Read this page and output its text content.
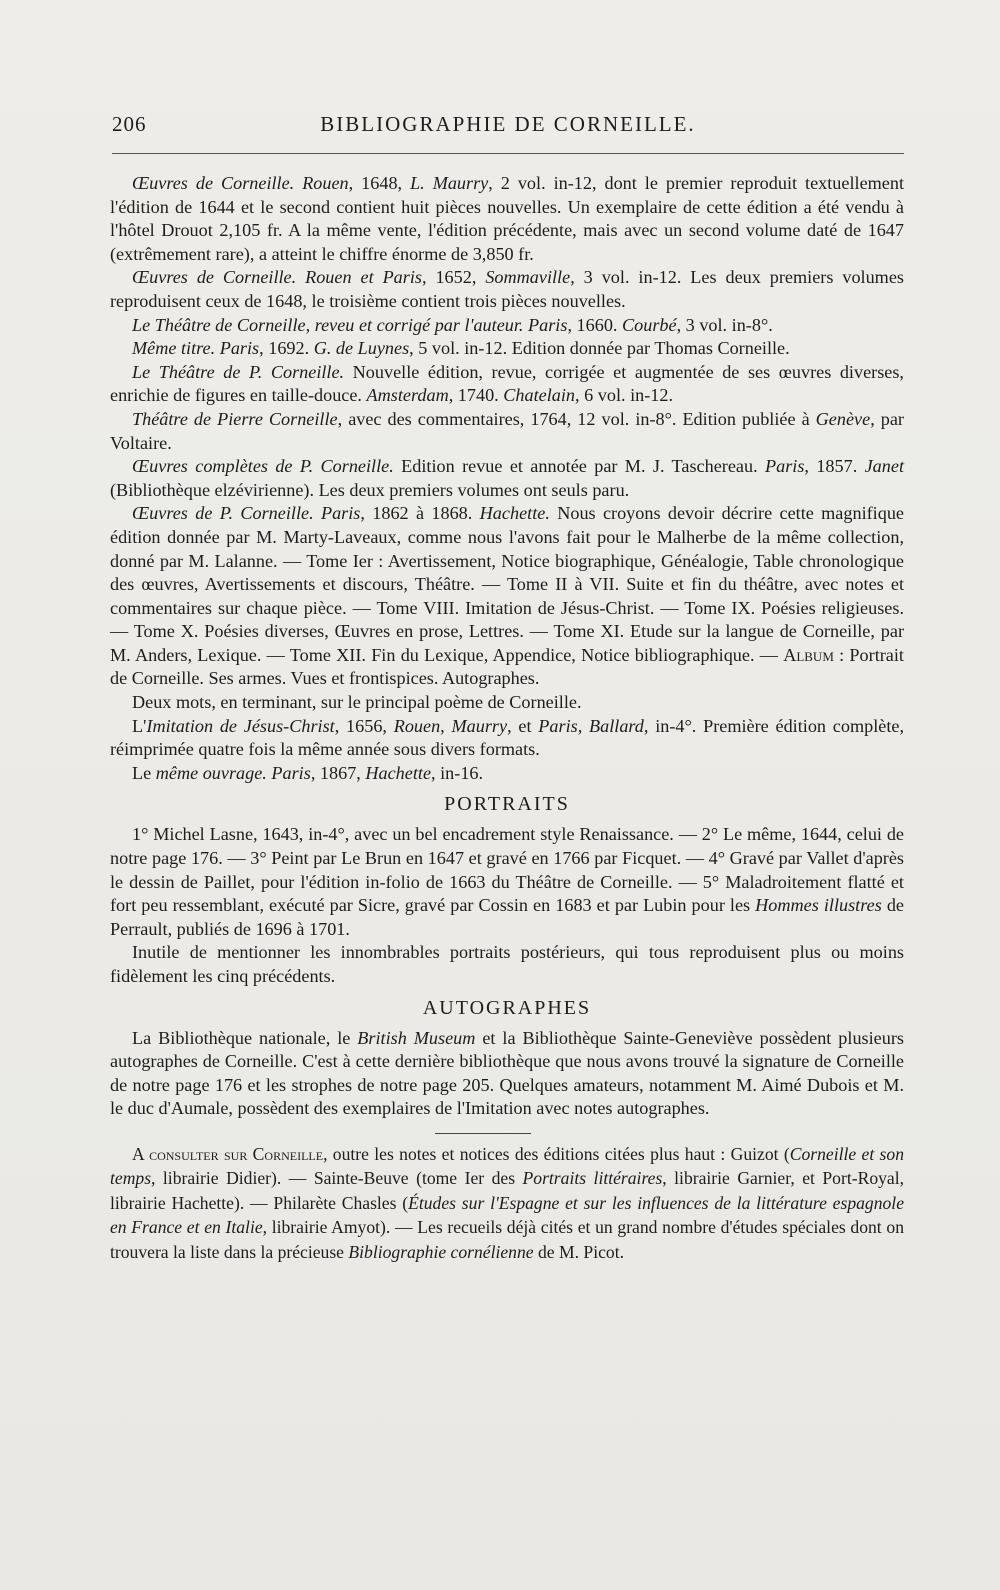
206	BIBLIOGRAPHIE DE CORNEILLE.

Œuvres de Corneille. Rouen, 1648, L. Maurry, 2 vol. in-12, dont le premier reproduit textuellement l'édition de 1644 et le second contient huit pièces nouvelles. Un exemplaire de cette édition a été vendu à l'hôtel Drouot 2,105 fr. A la même vente, l'édition précédente, mais avec un second volume daté de 1647 (extrêmement rare), a atteint le chiffre énorme de 3,850 fr.

Œuvres de Corneille. Rouen et Paris, 1652, Sommaville, 3 vol. in-12. Les deux premiers volumes reproduisent ceux de 1648, le troisième contient trois pièces nouvelles.

Le Théâtre de Corneille, reveu et corrigé par l'auteur. Paris, 1660. Courbé, 3 vol. in-8°.

Même titre. Paris, 1692. G. de Luynes, 5 vol. in-12. Edition donnée par Thomas Corneille.

Le Théâtre de P. Corneille. Nouvelle édition, revue, corrigée et augmentée de ses œuvres diverses, enrichie de figures en taille-douce. Amsterdam, 1740. Chatelain, 6 vol. in-12.

Théâtre de Pierre Corneille, avec des commentaires, 1764, 12 vol. in-8°. Edition publiée à Genève, par Voltaire.

Œuvres complètes de P. Corneille. Edition revue et annotée par M. J. Taschereau. Paris, 1857. Janet (Bibliothèque elzévirienne). Les deux premiers volumes ont seuls paru.

Œuvres de P. Corneille. Paris, 1862 à 1868. Hachette. Nous croyons devoir décrire cette magnifique édition donnée par M. Marty-Laveaux, comme nous l'avons fait pour le Malherbe de la même collection, donné par M. Lalanne. — Tome Ier : Avertissement, Notice biographique, Généalogie, Table chronologique des œuvres, Avertissements et discours, Théâtre. — Tome II à VII. Suite et fin du théâtre, avec notes et commentaires sur chaque pièce. — Tome VIII. Imitation de Jésus-Christ. — Tome IX. Poésies religieuses. — Tome X. Poésies diverses, Œuvres en prose, Lettres. — Tome XI. Etude sur la langue de Corneille, par M. Anders, Lexique. — Tome XII. Fin du Lexique, Appendice, Notice bibliographique. — Album : Portrait de Corneille. Ses armes. Vues et frontispices. Autographes.

Deux mots, en terminant, sur le principal poème de Corneille.

L'Imitation de Jésus-Christ, 1656, Rouen, Maurry, et Paris, Ballard, in-4°. Première édition complète, réimprimée quatre fois la même année sous divers formats.

Le même ouvrage. Paris, 1867, Hachette, in-16.

PORTRAITS

1° Michel Lasne, 1643, in-4°, avec un bel encadrement style Renaissance. — 2° Le même, 1644, celui de notre page 176. — 3° Peint par Le Brun en 1647 et gravé en 1766 par Ficquet. — 4° Gravé par Vallet d'après le dessin de Paillet, pour l'édition in-folio de 1663 du Théâtre de Corneille. — 5° Maladroitement flatté et fort peu ressemblant, exécuté par Sicre, gravé par Cossin en 1683 et par Lubin pour les Hommes illustres de Perrault, publiés de 1696 à 1701.

Inutile de mentionner les innombrables portraits postérieurs, qui tous reproduisent plus ou moins fidèlement les cinq précédents.

AUTOGRAPHES

La Bibliothèque nationale, le British Museum et la Bibliothèque Sainte-Geneviève possèdent plusieurs autographes de Corneille. C'est à cette dernière bibliothèque que nous avons trouvé la signature de Corneille de notre page 176 et les strophes de notre page 205. Quelques amateurs, notamment M. Aimé Dubois et M. le duc d'Aumale, possèdent des exemplaires de l'Imitation avec notes autographes.

A consulter sur Corneille, outre les notes et notices des éditions citées plus haut : Guizot (Corneille et son temps, librairie Didier). — Sainte-Beuve (tome Ier des Portraits littéraires, librairie Garnier, et Port-Royal, librairie Hachette). — Philarète Chasles (Études sur l'Espagne et sur les influences de la littérature espagnole en France et en Italie, librairie Amyot). — Les recueils déjà cités et un grand nombre d'études spéciales dont on trouvera la liste dans la précieuse Bibliographie cornélienne de M. Picot.
